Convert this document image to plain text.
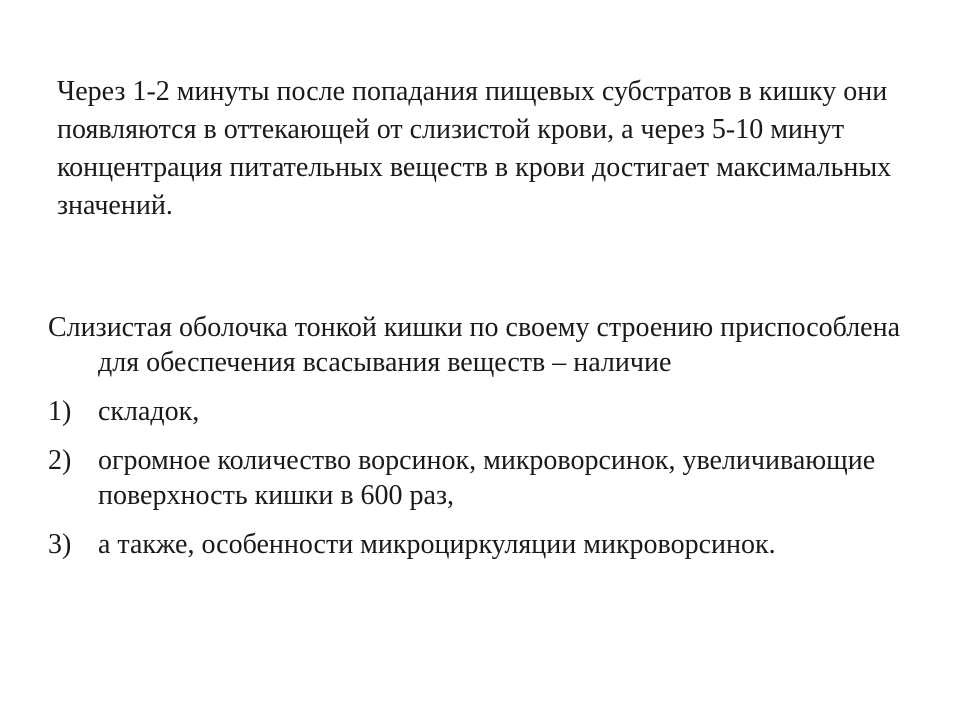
Через 1-2 минуты после попадания пищевых субстратов в кишку они появляются в оттекающей от слизистой крови, а через 5-10 минут концентрация питательных веществ в крови достигает максимальных значений.

Слизистая оболочка тонкой кишки по своему строению приспособлена для обеспечения всасывания веществ – наличие

1) складок,
2) огромное количество ворсинок, микроворсинок, увеличивающие поверхность кишки в 600 раз,
3) а также, особенности микроциркуляции микроворсинок.
